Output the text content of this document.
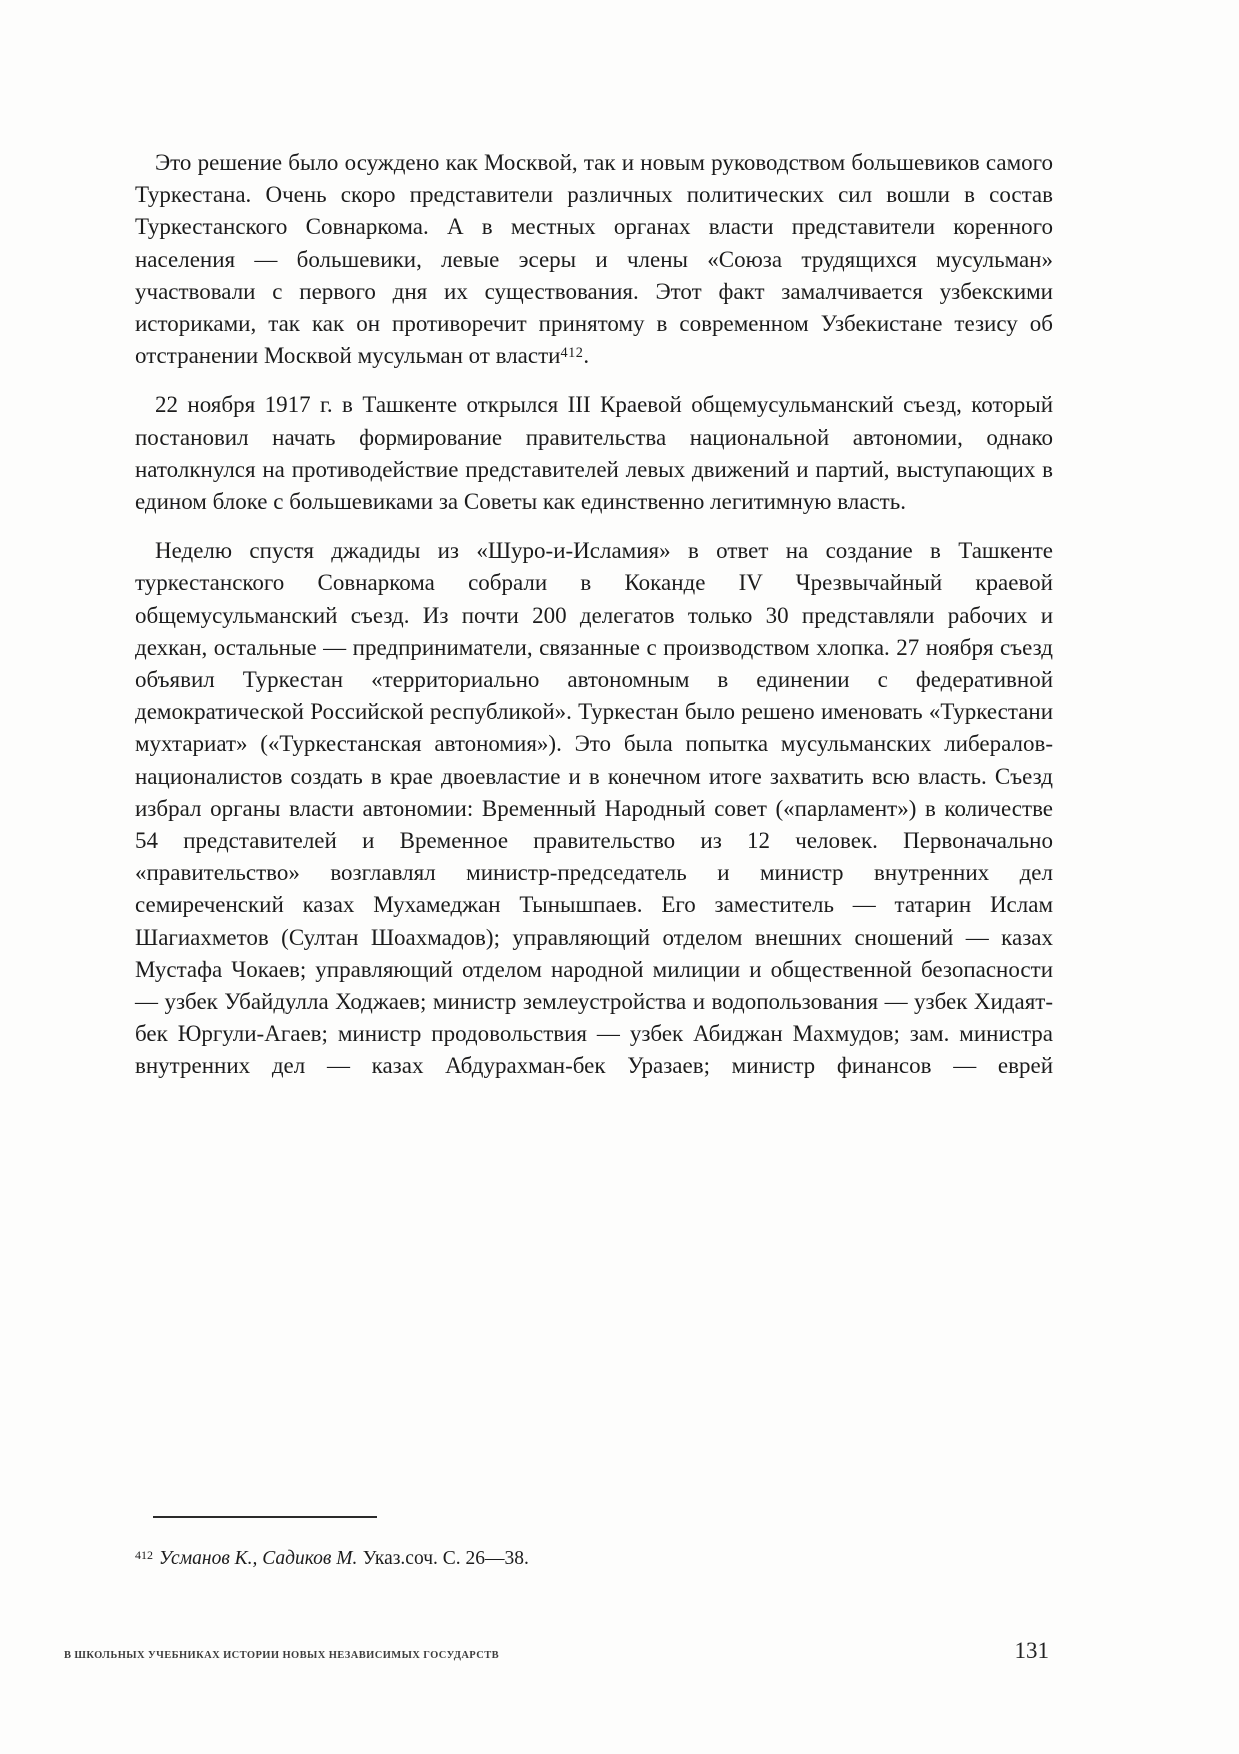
Это решение было осуждено как Москвой, так и новым руководством большевиков самого Туркестана. Очень скоро представители различных политических сил вошли в состав Туркестанского Совнаркома. А в местных органах власти представители коренного населения — большевики, левые эсеры и члены «Союза трудящихся мусульман» участвовали с первого дня их существования. Этот факт замалчивается узбекскими историками, так как он противоречит принятому в современном Узбекистане тезису об отстранении Москвой мусульман от власти$^{412}$.

22 ноября 1917 г. в Ташкенте открылся III Краевой общемусульманский съезд, который постановил начать формирование правительства национальной автономии, однако натолкнулся на противодействие представителей левых движений и партий, выступающих в едином блоке с большевиками за Советы как единственно легитимную власть.

Неделю спустя джадиды из «Шуро-и-Исламия» в ответ на создание в Ташкенте туркестанского Совнаркома собрали в Коканде IV Чрезвычайный краевой общемусульманский съезд. Из почти 200 делегатов только 30 представляли рабочих и дехкан, остальные — предприниматели, связанные с производством хлопка. 27 ноября съезд объявил Туркестан «территориально автономным в единении с федеративной демократической Российской республикой». Туркестан было решено именовать «Туркестани мухтариат» («Туркестанская автономия»). Это была попытка мусульманских либералов-националистов создать в крае двоевластие и в конечном итоге захватить всю власть. Съезд избрал органы власти автономии: Временный Народный совет («парламент») в количестве 54 представителей и Временное правительство из 12 человек. Первоначально «правительство» возглавлял министр-председатель и министр внутренних дел семиреченский казах Мухамеджан Тынышпаев. Его заместитель — татарин Ислам Шагиахметов (Султан Шоахмадов); управляющий отделом внешних сношений — казах Мустафа Чокаев; управляющий отделом народной милиции и общественной безопасности — узбек Убайдулла Ходжаев; министр землеустройства и водопользования — узбек Хидаят-бек Юргули-Агаев; министр продовольствия — узбек Абиджан Махмудов; зам. министра внутренних дел — казах Абдурахман-бек Уразаев; министр финансов — еврей

$^{412}$ Усманов К., Садиков М. Указ.соч. С. 26—38.
В ШКОЛЬНЫХ УЧЕБНИКАХ ИСТОРИИ НОВЫХ НЕЗАВИСИМЫХ ГОСУДАРСТВ	131
